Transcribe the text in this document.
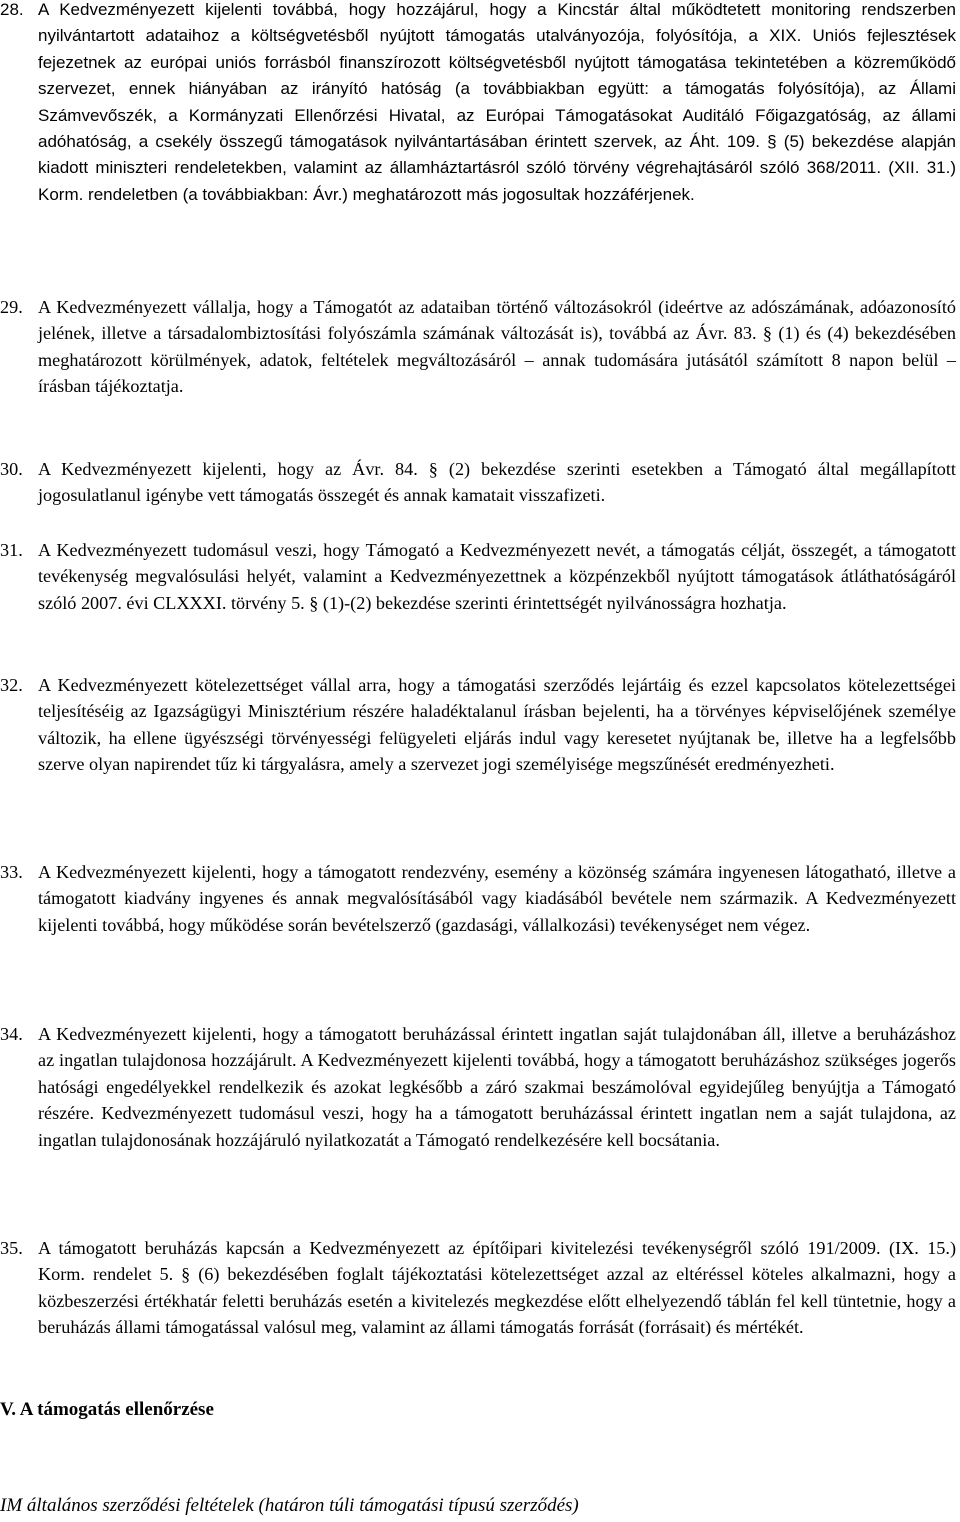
28. A Kedvezményezett kijelenti továbbá, hogy hozzájárul, hogy a Kincstár által működtetett monitoring rendszerben nyilvántartott adataihoz a költségvetésből nyújtott támogatás utalványozója, folyósítója, a XIX. Uniós fejlesztések fejezetnek az európai uniós forrásból finanszírozott költségvetésből nyújtott támogatása tekintetében a közreműködő szervezet, ennek hiányában az irányító hatóság (a továbbiakban együtt: a támogatás folyósítója), az Állami Számvevőszék, a Kormányzati Ellenőrzési Hivatal, az Európai Támogatásokat Auditáló Főigazgatóság, az állami adóhatóság, a csekély összegű támogatások nyilvántartásában érintett szervek, az Áht. 109. § (5) bekezdése alapján kiadott miniszteri rendeletekben, valamint az államháztartásról szóló törvény végrehajtásáról szóló 368/2011. (XII. 31.) Korm. rendeletben (a továbbiakban: Ávr.) meghatározott más jogosultak hozzáférjenek.
29. A Kedvezményezett vállalja, hogy a Támogatót az adataiban történő változásokról (ideértve az adószámának, adóazonosító jelének, illetve a társadalombiztosítási folyószámla számának változását is), továbbá az Ávr. 83. § (1) és (4) bekezdésében meghatározott körülmények, adatok, feltételek megváltozásáról – annak tudomására jutásától számított 8 napon belül – írásban tájékoztatja.
30. A Kedvezményezett kijelenti, hogy az Ávr. 84. § (2) bekezdése szerinti esetekben a Támogató által megállapított jogosulatlanul igénybe vett támogatás összegét és annak kamatait visszafizeti.
31. A Kedvezményezett tudomásul veszi, hogy Támogató a Kedvezményezett nevét, a támogatás célját, összegét, a támogatott tevékenység megvalósulási helyét, valamint a Kedvezményezettnek a közpénzekből nyújtott támogatások átláthatóságáról szóló 2007. évi CLXXXI. törvény 5. § (1)-(2) bekezdése szerinti érintettségét nyilvánosságra hozhatja.
32. A Kedvezményezett kötelezettséget vállal arra, hogy a támogatási szerződés lejártáig és ezzel kapcsolatos kötelezettségei teljesítéséig az Igazságügyi Minisztérium részére haladéktalanul írásban bejelenti, ha a törvényes képviselőjének személye változik, ha ellene ügyészségi törvényességi felügyeleti eljárás indul vagy keresetet nyújtanak be, illetve ha a legfelsőbb szerve olyan napirendet tűz ki tárgyalásra, amely a szervezet jogi személyisége megszűnését eredményezheti.
33. A Kedvezményezett kijelenti, hogy a támogatott rendezvény, esemény a közönség számára ingyenesen látogatható, illetve a támogatott kiadvány ingyenes és annak megvalósításából vagy kiadásából bevétele nem származik. A Kedvezményezett kijelenti továbbá, hogy működése során bevételszerző (gazdasági, vállalkozási) tevékenységet nem végez.
34. A Kedvezményezett kijelenti, hogy a támogatott beruházással érintett ingatlan saját tulajdonában áll, illetve a beruházáshoz az ingatlan tulajdonosa hozzájárult. A Kedvezményezett kijelenti továbbá, hogy a támogatott beruházáshoz szükséges jogerős hatósági engedélyekkel rendelkezik és azokat legkésőbb a záró szakmai beszámolóval egyidejűleg benyújtja a Támogató részére. Kedvezményezett tudomásul veszi, hogy ha a támogatott beruházással érintett ingatlan nem a saját tulajdona, az ingatlan tulajdonosának hozzájáruló nyilatkozatát a Támogató rendelkezésére kell bocsátania.
35. A támogatott beruházás kapcsán a Kedvezményezett az építőipari kivitelezési tevékenységről szóló 191/2009. (IX. 15.) Korm. rendelet 5. § (6) bekezdésében foglalt tájékoztatási kötelezettséget azzal az eltéréssel köteles alkalmazni, hogy a közbeszerzési értékhatár feletti beruházás esetén a kivitelezés megkezdése előtt elhelyezendő táblán fel kell tüntetnie, hogy a beruházás állami támogatással valósul meg, valamint az állami támogatás forrását (forrásait) és mértékét.

V. A támogatás ellenőrzése

IM általános szerződési feltételek (határon túli támogatási típusú szerződés)
